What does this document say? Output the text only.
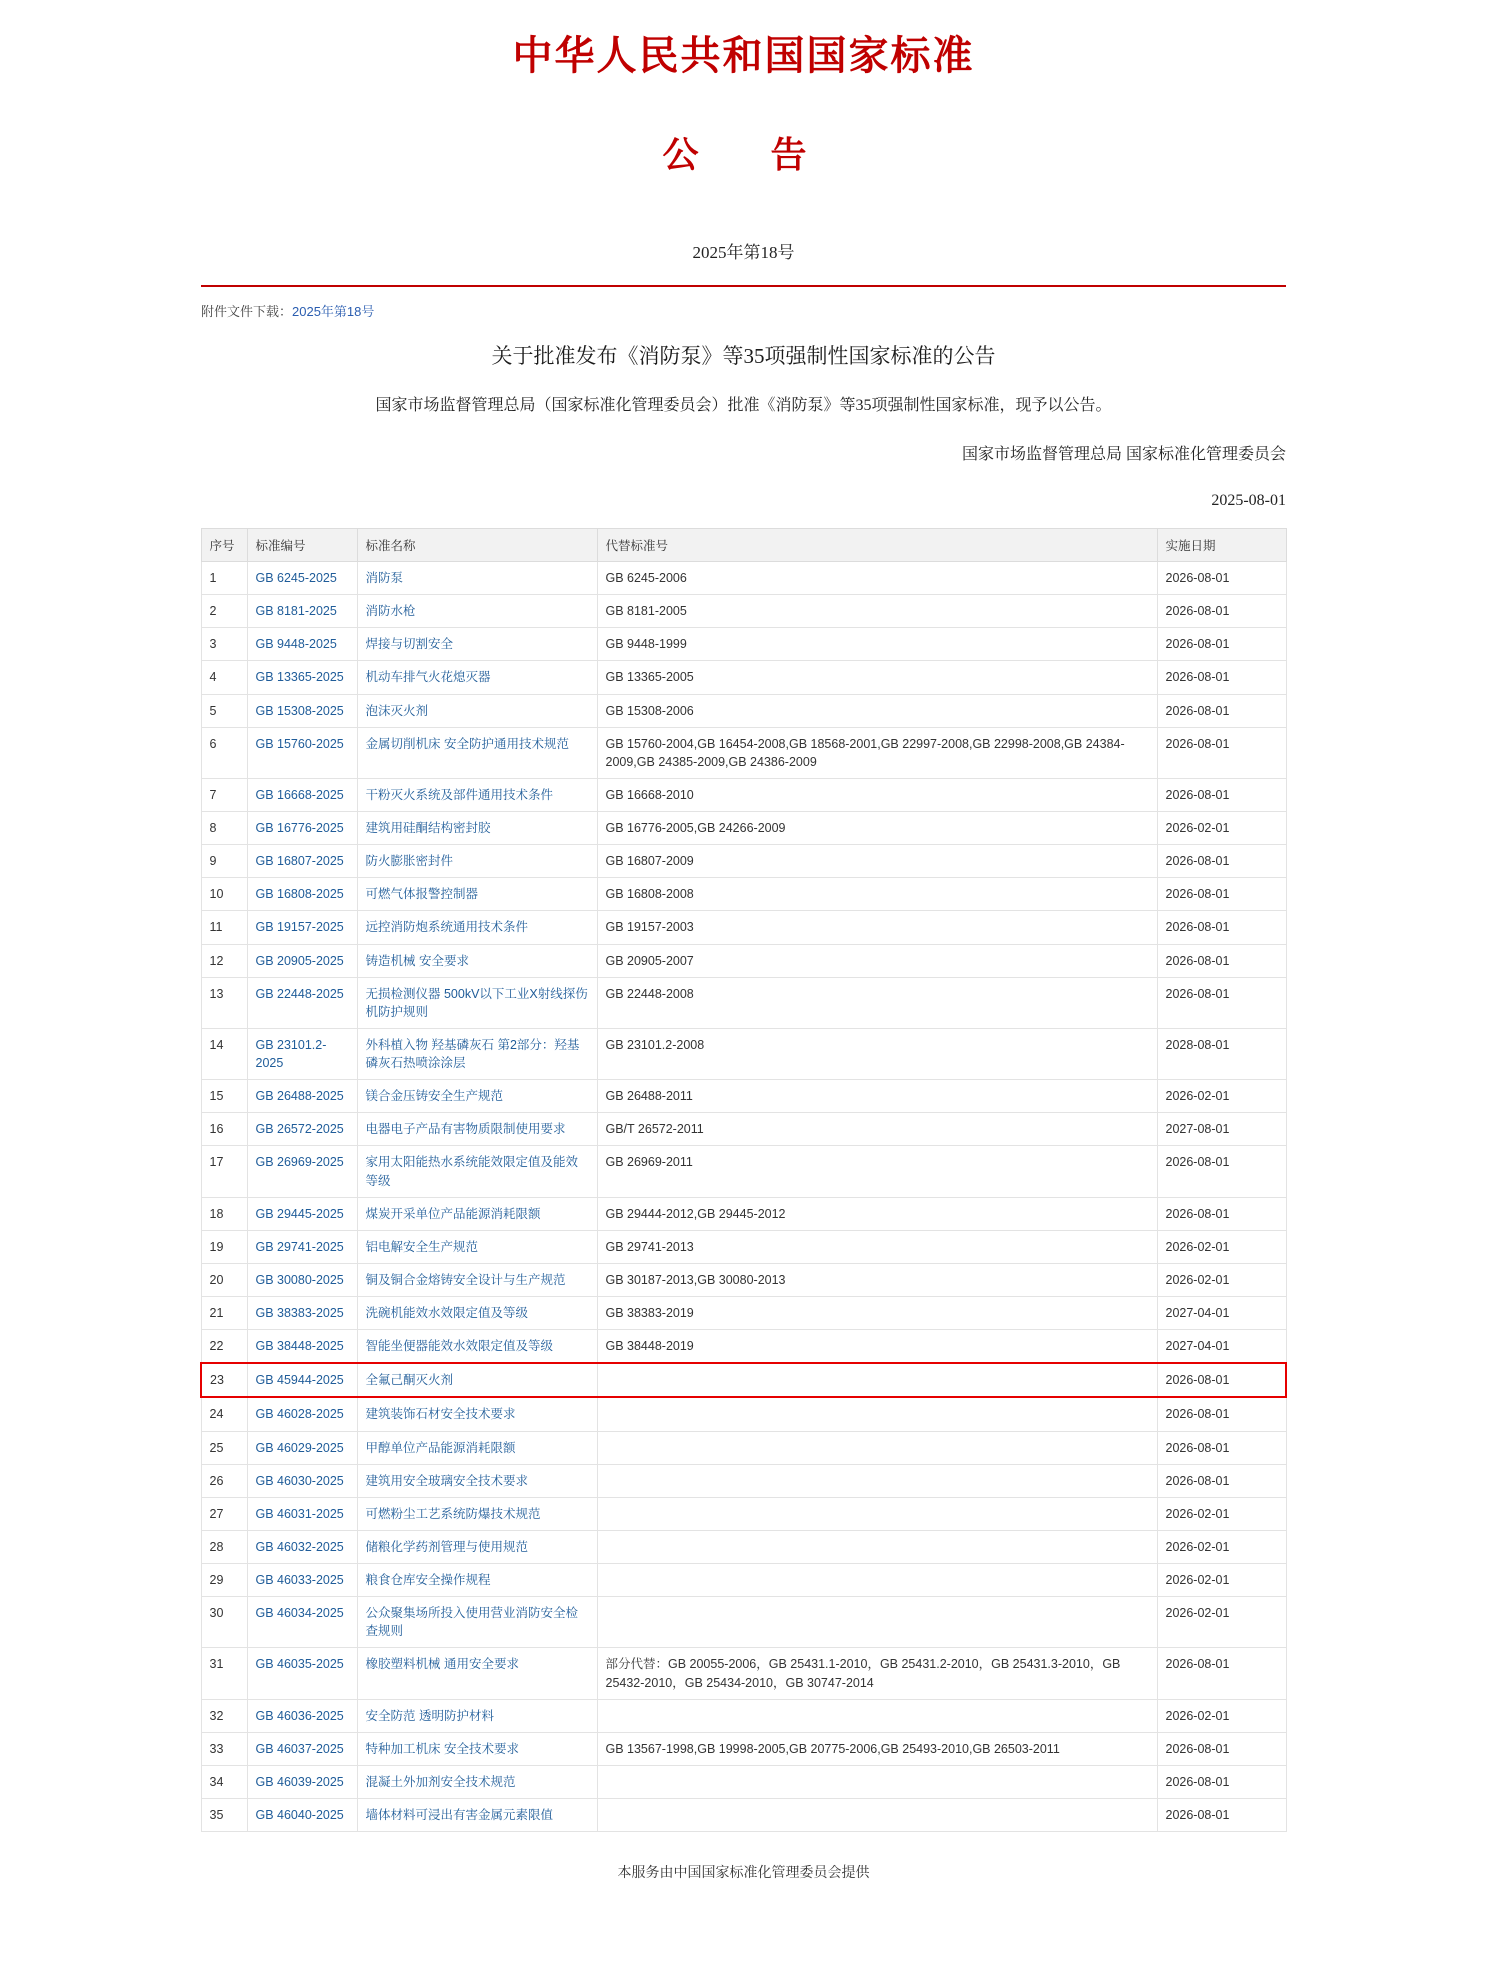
中华人民共和国国家标准
公　告
2025年第18号
附件文件下载：2025年第18号
关于批准发布《消防泵》等35项强制性国家标准的公告
国家市场监督管理总局（国家标准化管理委员会）批准《消防泵》等35项强制性国家标准，现予以公告。
国家市场监督管理总局 国家标准化管理委员会
2025-08-01
序号	标准编号	标准名称	代替标准号	实施日期
1	GB 6245-2025	消防泵	GB 6245-2006	2026-08-01
2	GB 8181-2025	消防水枪	GB 8181-2005	2026-08-01
3	GB 9448-2025	焊接与切割安全	GB 9448-1999	2026-08-01
4	GB 13365-2025	机动车排气火花熄灭器	GB 13365-2005	2026-08-01
5	GB 15308-2025	泡沫灭火剂	GB 15308-2006	2026-08-01
6	GB 15760-2025	金属切削机床 安全防护通用技术规范	GB 15760-2004,GB 16454-2008,GB 18568-2001,GB 22997-2008,GB 22998-2008,GB 24384-2009,GB 24385-2009,GB 24386-2009	2026-08-01
7	GB 16668-2025	干粉灭火系统及部件通用技术条件	GB 16668-2010	2026-08-01
8	GB 16776-2025	建筑用硅酮结构密封胶	GB 16776-2005,GB 24266-2009	2026-02-01
9	GB 16807-2025	防火膨胀密封件	GB 16807-2009	2026-08-01
10	GB 16808-2025	可燃气体报警控制器	GB 16808-2008	2026-08-01
11	GB 19157-2025	远控消防炮系统通用技术条件	GB 19157-2003	2026-08-01
12	GB 20905-2025	铸造机械 安全要求	GB 20905-2007	2026-08-01
13	GB 22448-2025	无损检测仪器 500kV以下工业X射线探伤机防护规则	GB 22448-2008	2026-08-01
14	GB 23101.2-2025	外科植入物 羟基磷灰石 第2部分：羟基磷灰石热喷涂涂层	GB 23101.2-2008	2028-08-01
15	GB 26488-2025	镁合金压铸安全生产规范	GB 26488-2011	2026-02-01
16	GB 26572-2025	电器电子产品有害物质限制使用要求	GB/T 26572-2011	2027-08-01
17	GB 26969-2025	家用太阳能热水系统能效限定值及能效等级	GB 26969-2011	2026-08-01
18	GB 29445-2025	煤炭开采单位产品能源消耗限额	GB 29444-2012,GB 29445-2012	2026-08-01
19	GB 29741-2025	铝电解安全生产规范	GB 29741-2013	2026-02-01
20	GB 30080-2025	铜及铜合金熔铸安全设计与生产规范	GB 30187-2013,GB 30080-2013	2026-02-01
21	GB 38383-2025	洗碗机能效水效限定值及等级	GB 38383-2019	2027-04-01
22	GB 38448-2025	智能坐便器能效水效限定值及等级	GB 38448-2019	2027-04-01
23	GB 45944-2025	全氟己酮灭火剂		2026-08-01
24	GB 46028-2025	建筑装饰石材安全技术要求		2026-08-01
25	GB 46029-2025	甲醇单位产品能源消耗限额		2026-08-01
26	GB 46030-2025	建筑用安全玻璃安全技术要求		2026-08-01
27	GB 46031-2025	可燃粉尘工艺系统防爆技术规范		2026-02-01
28	GB 46032-2025	储粮化学药剂管理与使用规范		2026-02-01
29	GB 46033-2025	粮食仓库安全操作规程		2026-02-01
30	GB 46034-2025	公众聚集场所投入使用营业消防安全检查规则		2026-02-01
31	GB 46035-2025	橡胶塑料机械 通用安全要求	部分代替：GB 20055-2006，GB 25431.1-2010，GB 25431.2-2010，GB 25431.3-2010，GB 25432-2010，GB 25434-2010，GB 30747-2014	2026-08-01
32	GB 46036-2025	安全防范 透明防护材料		2026-02-01
33	GB 46037-2025	特种加工机床 安全技术要求	GB 13567-1998,GB 19998-2005,GB 20775-2006,GB 25493-2010,GB 26503-2011	2026-08-01
34	GB 46039-2025	混凝土外加剂安全技术规范		2026-08-01
35	GB 46040-2025	墙体材料可浸出有害金属元素限值		2026-08-01
本服务由中国国家标准化管理委员会提供
